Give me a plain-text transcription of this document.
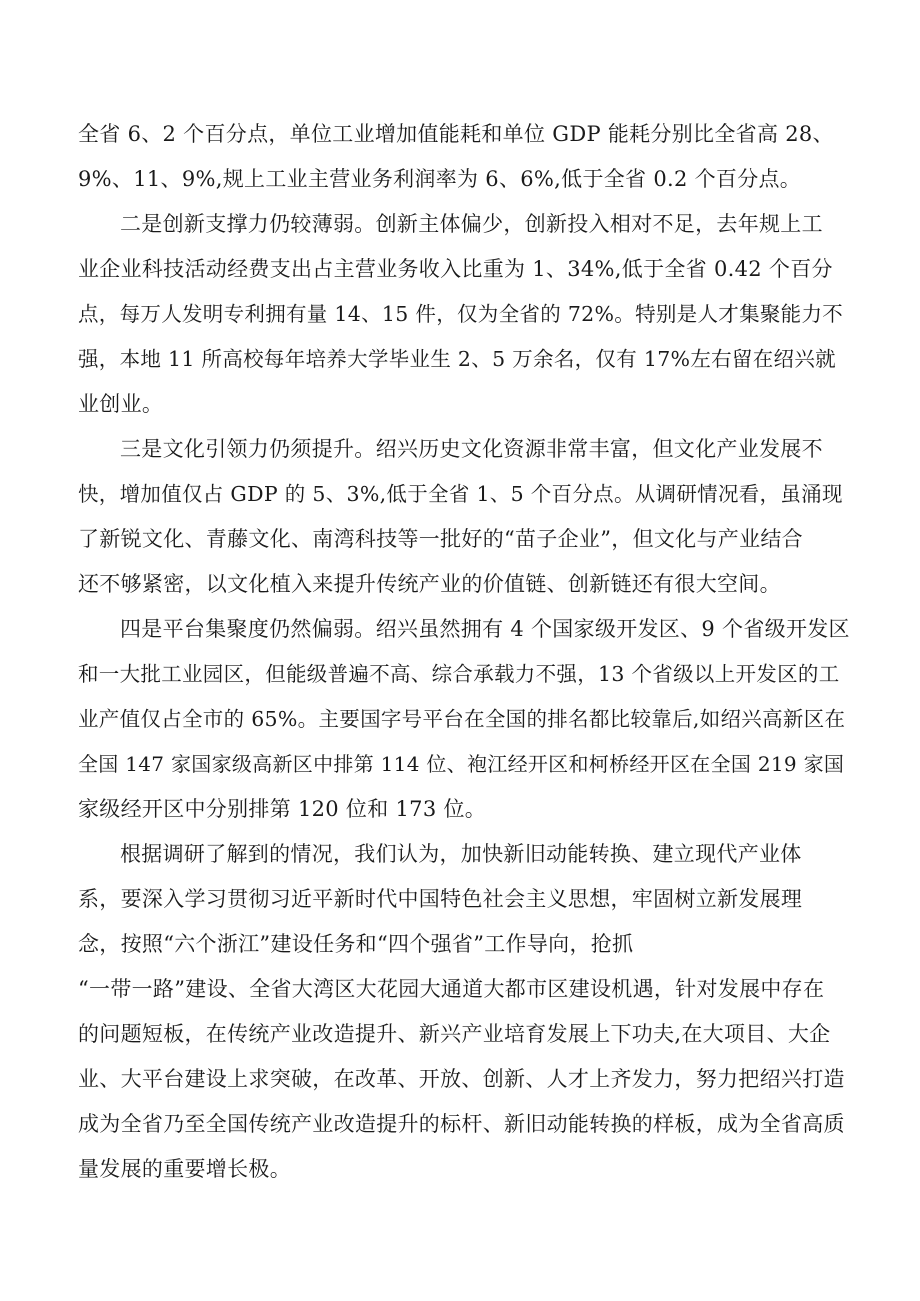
全省 6、2 个百分点，单位工业增加值能耗和单位 GDP 能耗分别比全省高 28、

9%、11、9%,规上工业主营业务利润率为 6、6%,低于全省 0.2 个百分点。

二是创新支撑力仍较薄弱。创新主体偏少，创新投入相对不足，去年规上工

业企业科技活动经费支出占主营业务收入比重为 1、34%,低于全省 0.42 个百分

点，每万人发明专利拥有量 14、15 件，仅为全省的 72%。特别是人才集聚能力不

强，本地 11 所高校每年培养大学毕业生 2、5 万余名，仅有 17%左右留在绍兴就

业创业。

三是文化引领力仍须提升。绍兴历史文化资源非常丰富，但文化产业发展不

快，增加值仅占 GDP 的 5、3%,低于全省 1、5 个百分点。从调研情况看，虽涌现

了新锐文化、青藤文化、南湾科技等一批好的“苗子企业”，但文化与产业结合

还不够紧密，以文化植入来提升传统产业的价值链、创新链还有很大空间。

四是平台集聚度仍然偏弱。绍兴虽然拥有 4 个国家级开发区、9 个省级开发区

和一大批工业园区，但能级普遍不高、综合承载力不强，13 个省级以上开发区的工

业产值仅占全市的 65%。主要国字号平台在全国的排名都比较靠后,如绍兴高新区在

全国 147 家国家级高新区中排第 114 位、袍江经开区和柯桥经开区在全国 219 家国

家级经开区中分别排第 120 位和 173 位。

根据调研了解到的情况，我们认为，加快新旧动能转换、建立现代产业体

系，要深入学习贯彻习近平新时代中国特色社会主义思想，牢固树立新发展理

念，按照“六个浙江”建设任务和“四个强省”工作导向，抢抓

“一带一路”建设、全省大湾区大花园大通道大都市区建设机遇，针对发展中存在

的问题短板，在传统产业改造提升、新兴产业培育发展上下功夫,在大项目、大企

业、大平台建设上求突破，在改革、开放、创新、人才上齐发力，努力把绍兴打造

成为全省乃至全国传统产业改造提升的标杆、新旧动能转换的样板，成为全省高质

量发展的重要增长极。
